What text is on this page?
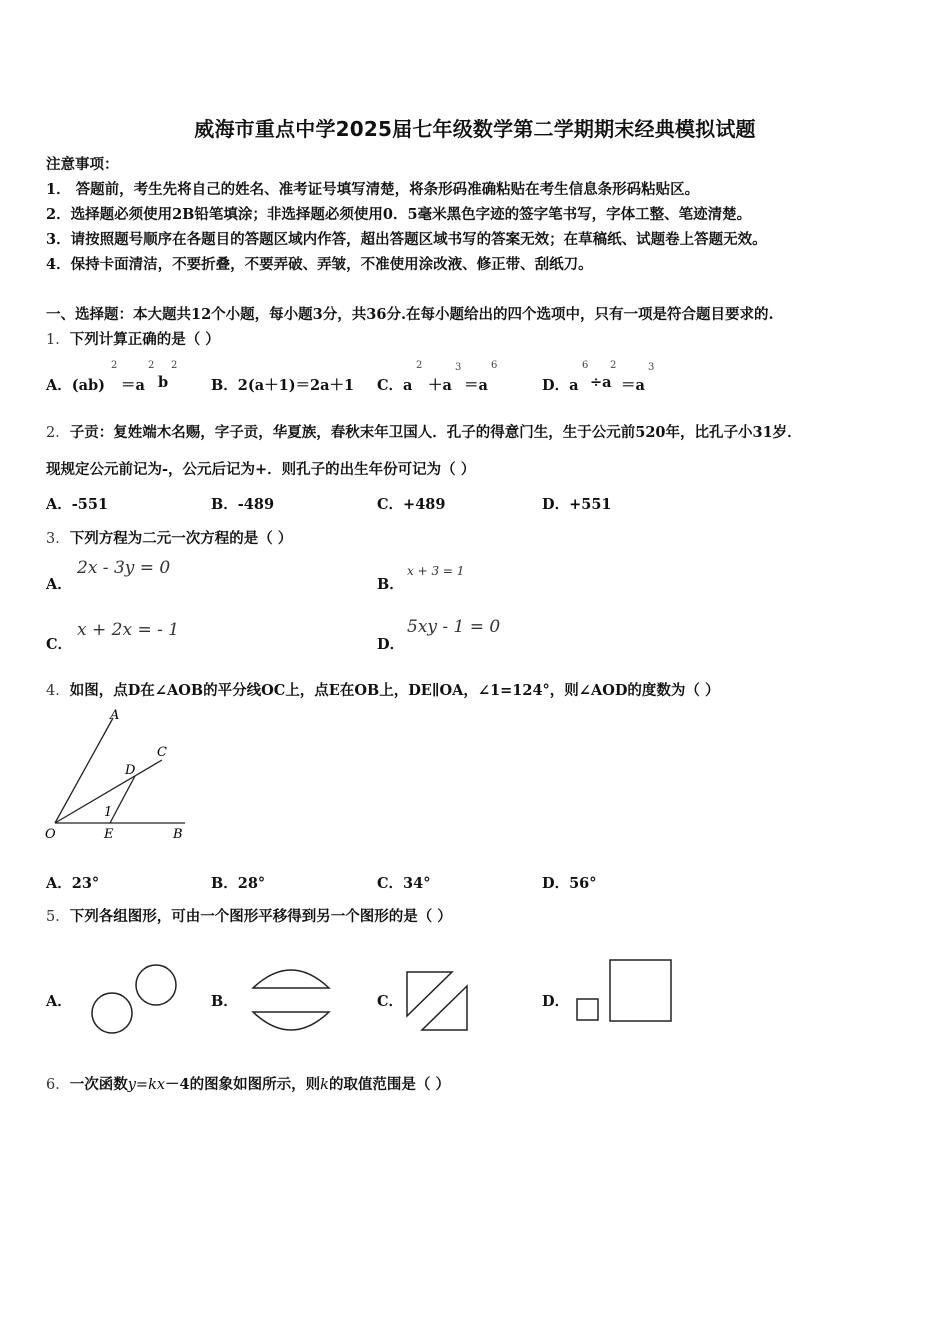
威海市重点中学2025届七年级数学第二学期期末经典模拟试题
注意事项：
1． 答题前，考生先将自己的姓名、准考证号填写清楚，将条形码准确粘贴在考生信息条形码粘贴区。
2．选择题必须使用2B铅笔填涂；非选择题必须使用0．5毫米黑色字迹的签字笔书写，字体工整、笔迹清楚。
3．请按照题号顺序在各题目的答题区域内作答，超出答题区域书写的答案无效；在草稿纸、试题卷上答题无效。
4．保持卡面清洁，不要折叠，不要弄破、弄皱，不准使用涂改液、修正带、刮纸刀。
一、选择题：本大题共12个小题，每小题3分，共36分.在每小题给出的四个选项中，只有一项是符合题目要求的.
1．下列计算正确的是（ ）
A．(ab)
2
＝a
2
b
2
B．2(a＋1)＝2a＋1 C．a
2
＋a
3
＝a
6
D．a
6
÷a
2
＝a
3
2．子贡：复姓端木名赐，字子贡，华夏族，春秋末年卫国人．孔子的得意门生，生于公元前520年，比孔子小31岁．
现规定公元前记为-，公元后记为+．则孔子的出生年份可记为（ ）
A．-551	B．-489	C．+489	D．+551
3．下列方程为二元一次方程的是（ ）
A．
2x - 3y = 0
B．
x + 3 = 1
C．
x + 2x = - 1
D．
5xy - 1 = 0
4．如图，点D在∠AOB的平分线OC上，点E在OB上，DE∥OA，∠1=124°，则∠AOD的度数为（ ）
A
C
D
1
O	E	B
A．23°	B．28°	C．34°	D．56°
5．下列各组图形，可由一个图形平移得到另一个图形的是（ ）
A．	B．	C．	D．
6．一次函数y=kx－4的图象如图所示，则k的取值范围是（ ）
